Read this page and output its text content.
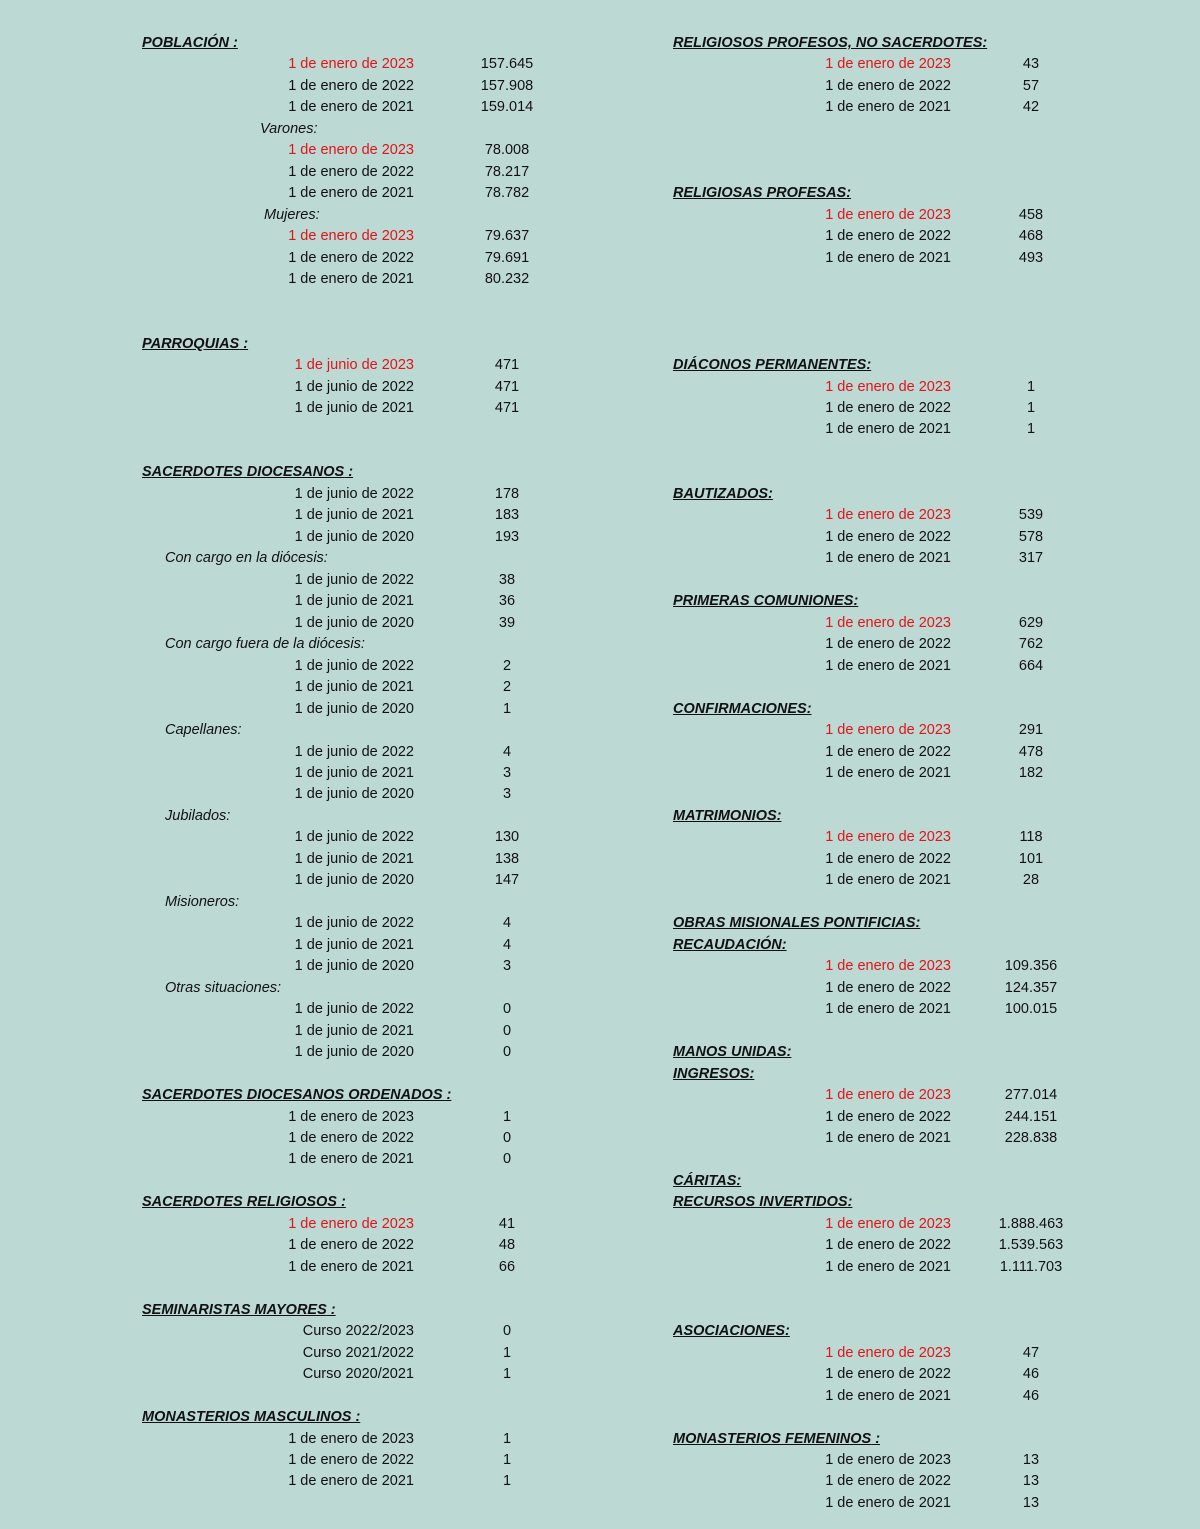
POBLACIÓN :
1 de enero de 2023	157.645
1 de enero de 2022	157.908
1 de enero de 2021	159.014
Varones:
1 de enero de 2023	78.008
1 de enero de 2022	78.217
1 de enero de 2021	78.782
Mujeres:
1 de enero de 2023	79.637
1 de enero de 2022	79.691
1 de enero de 2021	80.232
PARROQUIAS :
1 de junio de 2023	471
1 de junio de 2022	471
1 de junio de 2021	471
SACERDOTES DIOCESANOS :
1 de junio de 2022	178
1 de junio de 2021	183
1 de junio de 2020	193
Con cargo en la diócesis:
1 de junio de 2022	38
1 de junio de 2021	36
1 de junio de 2020	39
Con cargo fuera de la diócesis:
1 de junio de 2022	2
1 de junio de 2021	2
1 de junio de 2020	1
Capellanes:
1 de junio de 2022	4
1 de junio de 2021	3
1 de junio de 2020	3
Jubilados:
1 de junio de 2022	130
1 de junio de 2021	138
1 de junio de 2020	147
Misioneros:
1 de junio de 2022	4
1 de junio de 2021	4
1 de junio de 2020	3
Otras situaciones:
1 de junio de 2022	0
1 de junio de 2021	0
1 de junio de 2020	0
SACERDOTES DIOCESANOS ORDENADOS :
1 de enero de 2023	1
1 de enero de 2022	0
1 de enero de 2021	0
SACERDOTES RELIGIOSOS :
1 de enero de 2023	41
1 de enero de 2022	48
1 de enero de 2021	66
SEMINARISTAS MAYORES :
Curso 2022/2023	0
Curso 2021/2022	1
Curso 2020/2021	1
MONASTERIOS MASCULINOS :
1 de enero de 2023	1
1 de enero de 2022	1
1 de enero de 2021	1
RELIGIOSOS PROFESOS, NO SACERDOTES:
1 de enero de 2023	43
1 de enero de 2022	57
1 de enero de 2021	42
RELIGIOSAS PROFESAS:
1 de enero de 2023	458
1 de enero de 2022	468
1 de enero de 2021	493
DIÁCONOS PERMANENTES:
1 de enero de 2023	1
1 de enero de 2022	1
1 de enero de 2021	1
BAUTIZADOS:
1 de enero de 2023	539
1 de enero de 2022	578
1 de enero de 2021	317
PRIMERAS COMUNIONES:
1 de enero de 2023	629
1 de enero de 2022	762
1 de enero de 2021	664
CONFIRMACIONES:
1 de enero de 2023	291
1 de enero de 2022	478
1 de enero de 2021	182
MATRIMONIOS:
1 de enero de 2023	118
1 de enero de 2022	101
1 de enero de 2021	28
OBRAS MISIONALES PONTIFICIAS:
RECAUDACIÓN:
1 de enero de 2023	109.356
1 de enero de 2022	124.357
1 de enero de 2021	100.015
MANOS UNIDAS:
INGRESOS:
1 de enero de 2023	277.014
1 de enero de 2022	244.151
1 de enero de 2021	228.838
CÁRITAS:
RECURSOS INVERTIDOS:
1 de enero de 2023	1.888.463
1 de enero de 2022	1.539.563
1 de enero de 2021	1.111.703
ASOCIACIONES:
1 de enero de 2023	47
1 de enero de 2022	46
1 de enero de 2021	46
MONASTERIOS FEMENINOS :
1 de enero de 2023	13
1 de enero de 2022	13
1 de enero de 2021	13
